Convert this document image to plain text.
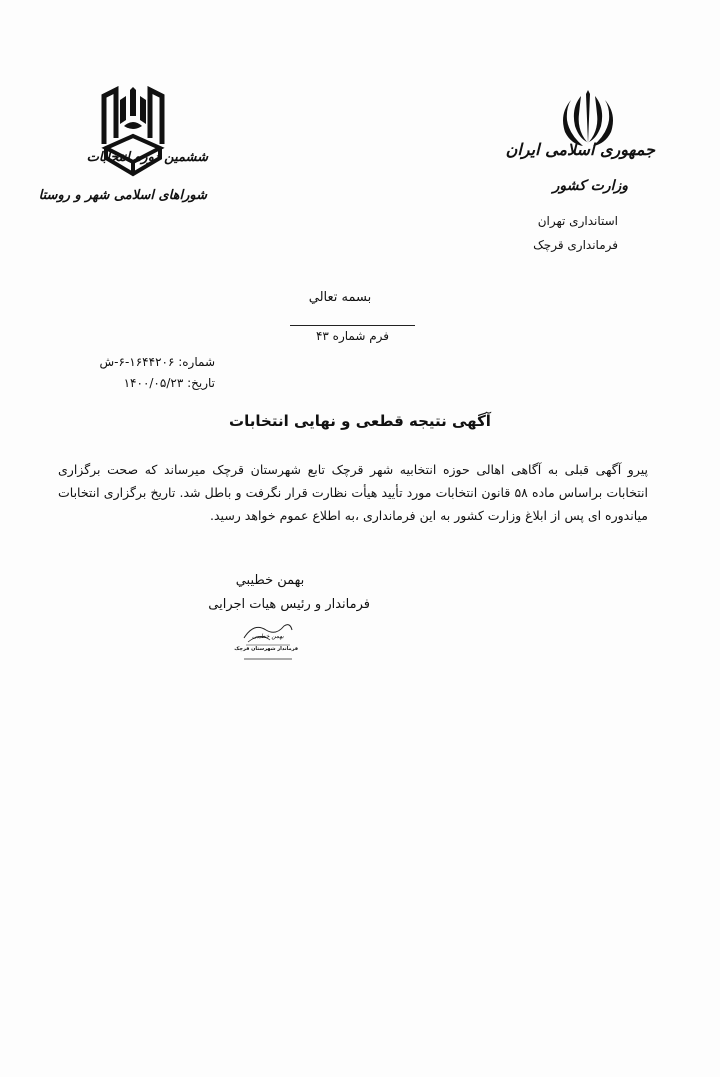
ششمین دوره انتخابات
شوراهای اسلامی شهر و روستا
جمهوری اسلامی ایران
وزارت کشور
استانداری تهران
فرمانداری قرچک
بسمه تعالي
فرم شماره ۴۳
شماره: ۱۶۴۴۲۰۶-۶-ش
تاریخ: ۱۴۰۰/۰۵/۲۳
آگهی نتیجه قطعی و نهایی انتخابات
پیرو آگهی قبلی به آگاهی اهالی حوزه انتخابیه شهر قرچک تابع شهرستان قرچک میرساند که صحت برگزاری انتخابات براساس ماده ۵۸ قانون انتخابات مورد تأیید هیأت نظارت قرار نگرفت و باطل شد. تاریخ برگزاری انتخابات میاندوره ای پس از ابلاغ وزارت کشور به این فرمانداری ،به اطلاع عموم خواهد رسید.
بهمن خطیبي
فرماندار و رئیس هیات اجرایی
بهمن خطیبی
فرماندار شهرستان قرچک
